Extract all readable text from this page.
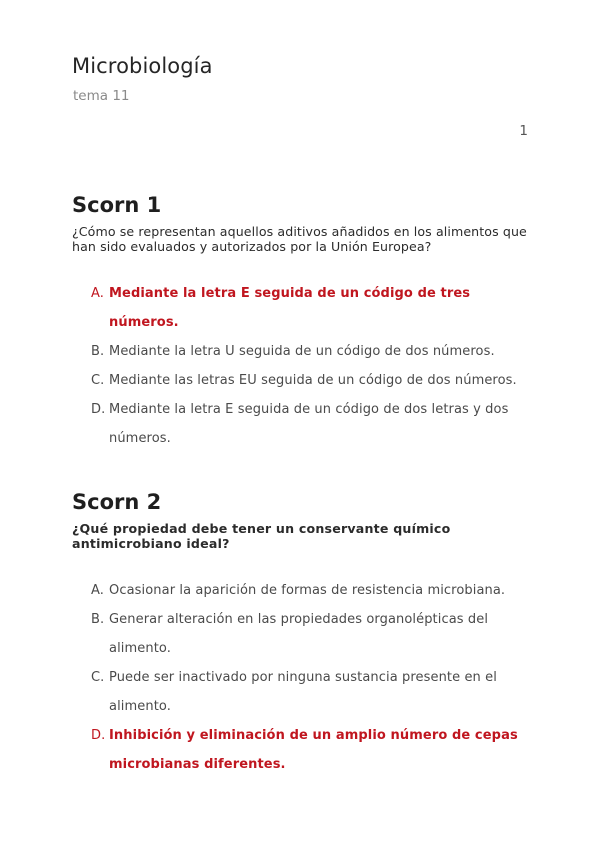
Microbiología
tema 11
1
Scorn 1
¿Cómo se representan aquellos aditivos añadidos en los alimentos que han sido evaluados y autorizados por la Unión Europea?
A. Mediante la letra E seguida de un código de tres números.
B. Mediante la letra U seguida de un código de dos números.
C. Mediante las letras EU seguida de un código de dos números.
D. Mediante la letra E seguida de un código de dos letras y dos números.
Scorn 2
¿Qué propiedad debe tener un conservante químico antimicrobiano ideal?
A. Ocasionar la aparición de formas de resistencia microbiana.
B. Generar alteración en las propiedades organolépticas del alimento.
C. Puede ser inactivado por ninguna sustancia presente en el alimento.
D. Inhibición y eliminación de un amplio número de cepas microbianas diferentes.
